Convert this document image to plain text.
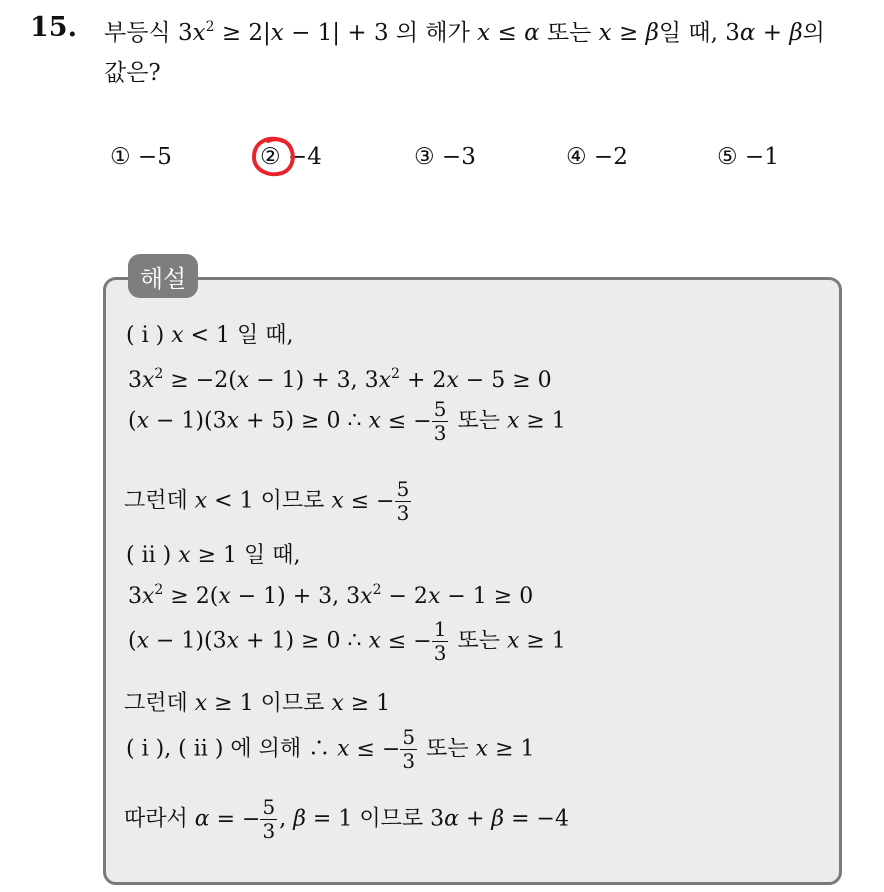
15. 부등식 $3x^2 \ge 2|x - 1| + 3$ 의 해가 x ≤ α 또는 x ≥ β일 때, 3α + β의
값은?
① −5	② −4	③ −3	④ −2	⑤ −1
해설
( ⅰ ) x < 1 일 때,
$3x^2 \ge -2(x - 1) + 3$, $3x^2 + 2x - 5 \ge 0$
(x − 1)(3x + 5) ≥ 0 ∴ x ≤ − $\frac{5}{3}$ 또는 x ≥ 1
그런데 x < 1 이므로 x ≤ − $\frac{5}{3}$
( ⅱ ) x ≥ 1 일 때,
$3x^2 \ge 2(x - 1) + 3$, $3x^2 - 2x - 1 \ge 0$
(x − 1)(3x + 1) ≥ 0 ∴ x ≤ − $\frac{1}{3}$ 또는 x ≥ 1
그런데 x ≥ 1 이므로 x ≥ 1
( ⅰ ), ( ⅱ ) 에 의해 ∴ x ≤ − $\frac{5}{3}$ 또는 x ≥ 1
따라서 α = − $\frac{5}{3}$ , β = 1 이므로 3α + β = −4
